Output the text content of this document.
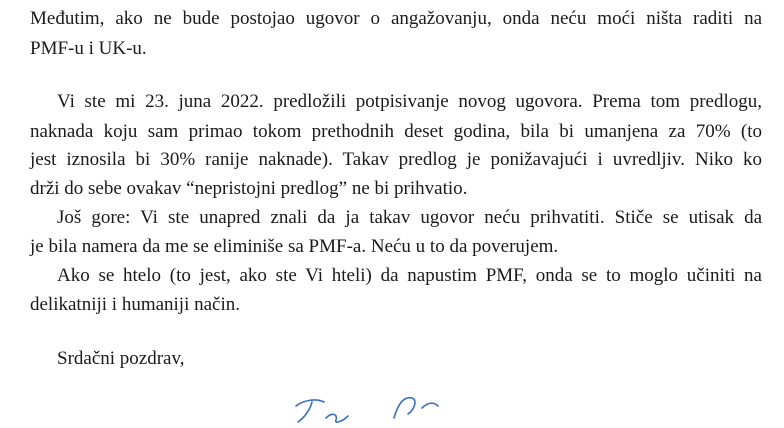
Međutim, ako ne bude postojao ugovor o angažovanju, onda neću moći ništa raditi na

PMF-u i UK-u.

Vi ste mi 23. juna 2022. predložili potpisivanje novog ugovora. Prema tom predlogu,

naknada koju sam primao tokom prethodnih deset godina, bila bi umanjena za 70% (to

jest iznosila bi 30% ranije naknade). Takav predlog je ponižavajući i uvredljiv. Niko ko

drži do sebe ovakav “nepristojni predlog” ne bi prihvatio.

Još gore: Vi ste unapred znali da ja takav ugovor neću prihvatiti. Stiče se utisak da

je bila namera da me se eliminiše sa PMF-a. Neću u to da poverujem.

Ako se htelo (to jest, ako ste Vi hteli) da napustim PMF, onda se to moglo učiniti na

delikatniji i humaniji način.

Srdačni pozdrav,
